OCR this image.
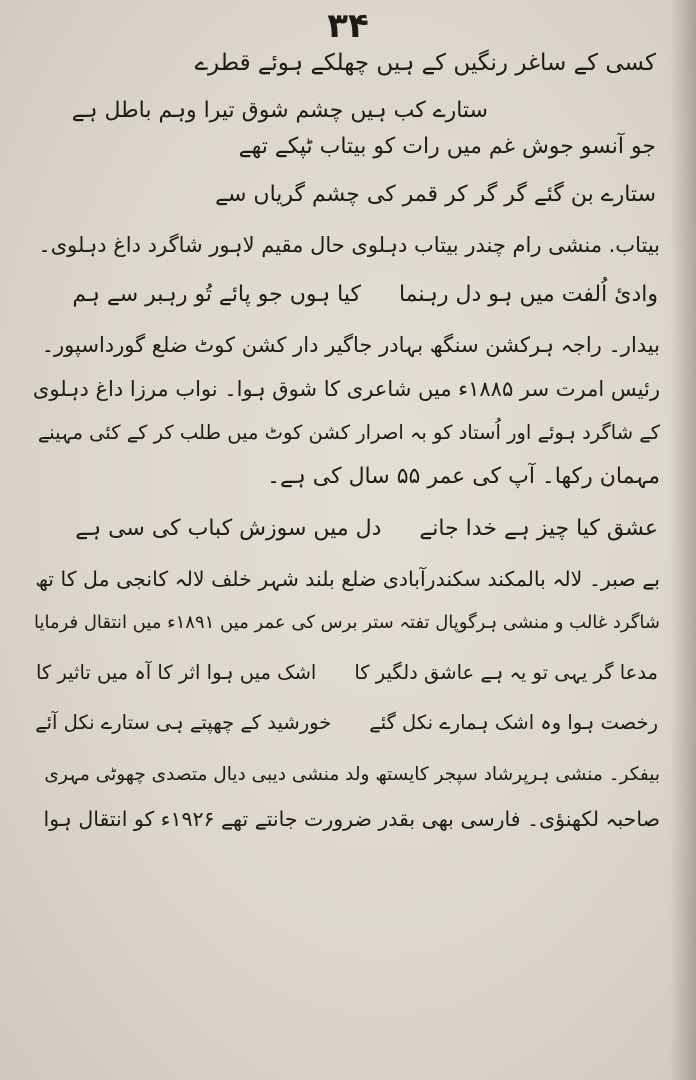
۳۴
کسی کے ساغر رنگیں کے ہیں چھلکے ہوئے قطرے
ستارے کب ہیں چشم شوق تیرا وہم باطل ہے
جو آنسو جوش غم میں رات کو بیتاب ٹپکے تھے
ستارے بن گئے گر گر کر قمر کی چشم گریاں سے
بیتاب. منشی رام چندر بیتاب دہلوی حال مقیم لاہور شاگرد داغ دہلوی۔
وادیٔ اُلفت میں ہو دل رہنما
کیا ہوں جو پائے تُو رہبر سے ہم
بیدار۔ راجہ ہرکشن سنگھ بہادر جاگیر دار کشن کوٹ ضلع گورداسپور۔
رئیس امرت سر ۱۸۸۵ء میں شاعری کا شوق ہوا۔ نواب مرزا داغ دہلوی
کے شاگرد ہوئے اور اُستاد کو بہ اصرار کشن کوٹ میں طلب کر کے کئی مہینے
مہمان رکھا۔ آپ کی عمر ۵۵ سال کی ہے۔
عشق کیا چیز ہے خدا جانے
دل میں سوزش کباب کی سی ہے
بے صبر۔ لالہ بالمکند سکندرآبادی ضلع بلند شہر خلف لالہ کانجی مل کا تھ
شاگرد غالب و منشی ہرگوپال تفتہ ستر برس کی عمر میں ۱۸۹۱ء میں انتقال فرمایا
مدعا گر یہی تو یہ ہے عاشق دلگیر کا
اشک میں ہوا اثر کا آہ میں تاثیر کا
رخصت ہوا وہ اشک ہمارے نکل گئے
خورشید کے چھپتے ہی ستارے نکل آئے
بیفکر۔ منشی ہرپرشاد سپجر کایستھ ولد منشی دیبی دیال متصدی چھوٹی مہری
صاحبہ لکھنؤی۔ فارسی بھی بقدر ضرورت جانتے تھے ۱۹۲۶ء کو انتقال ہوا
